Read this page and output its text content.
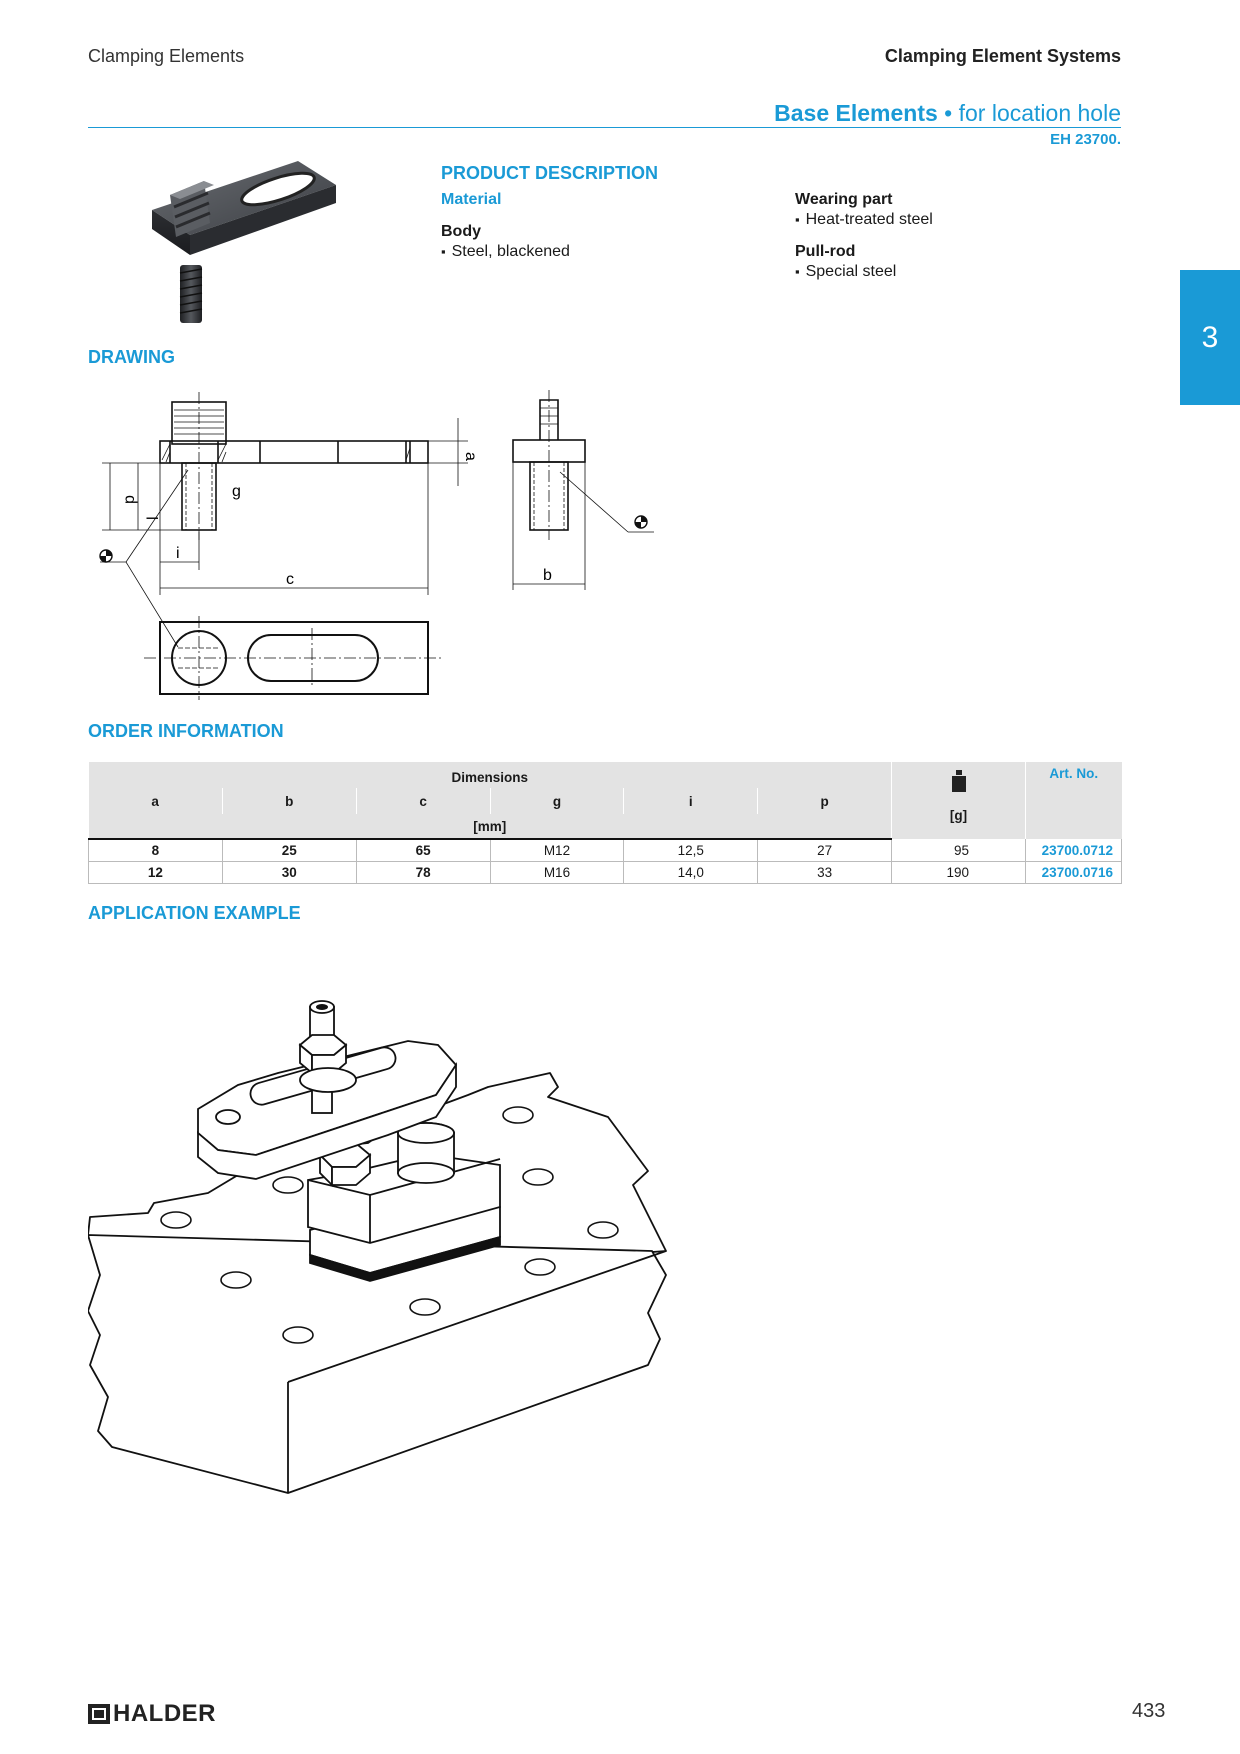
Clamping Elements	Clamping Element Systems
Base Elements • for location hole
EH 23700.
3
PRODUCT DESCRIPTION
Material
Body
▪ Steel, blackened
Wearing part
▪ Heat-treated steel
Pull-rod
▪ Special steel
DRAWING
p	g
l
i
c
a
b
ORDER INFORMATION
Dimensions						[g]	Art. No.
a	b	c	g	i	p		
[mm]							
8	25	65	M12	12,5	27	95	23700.0712
12	30	78	M16	14,0	33	190	23700.0716
APPLICATION EXAMPLE
HALDER	433
